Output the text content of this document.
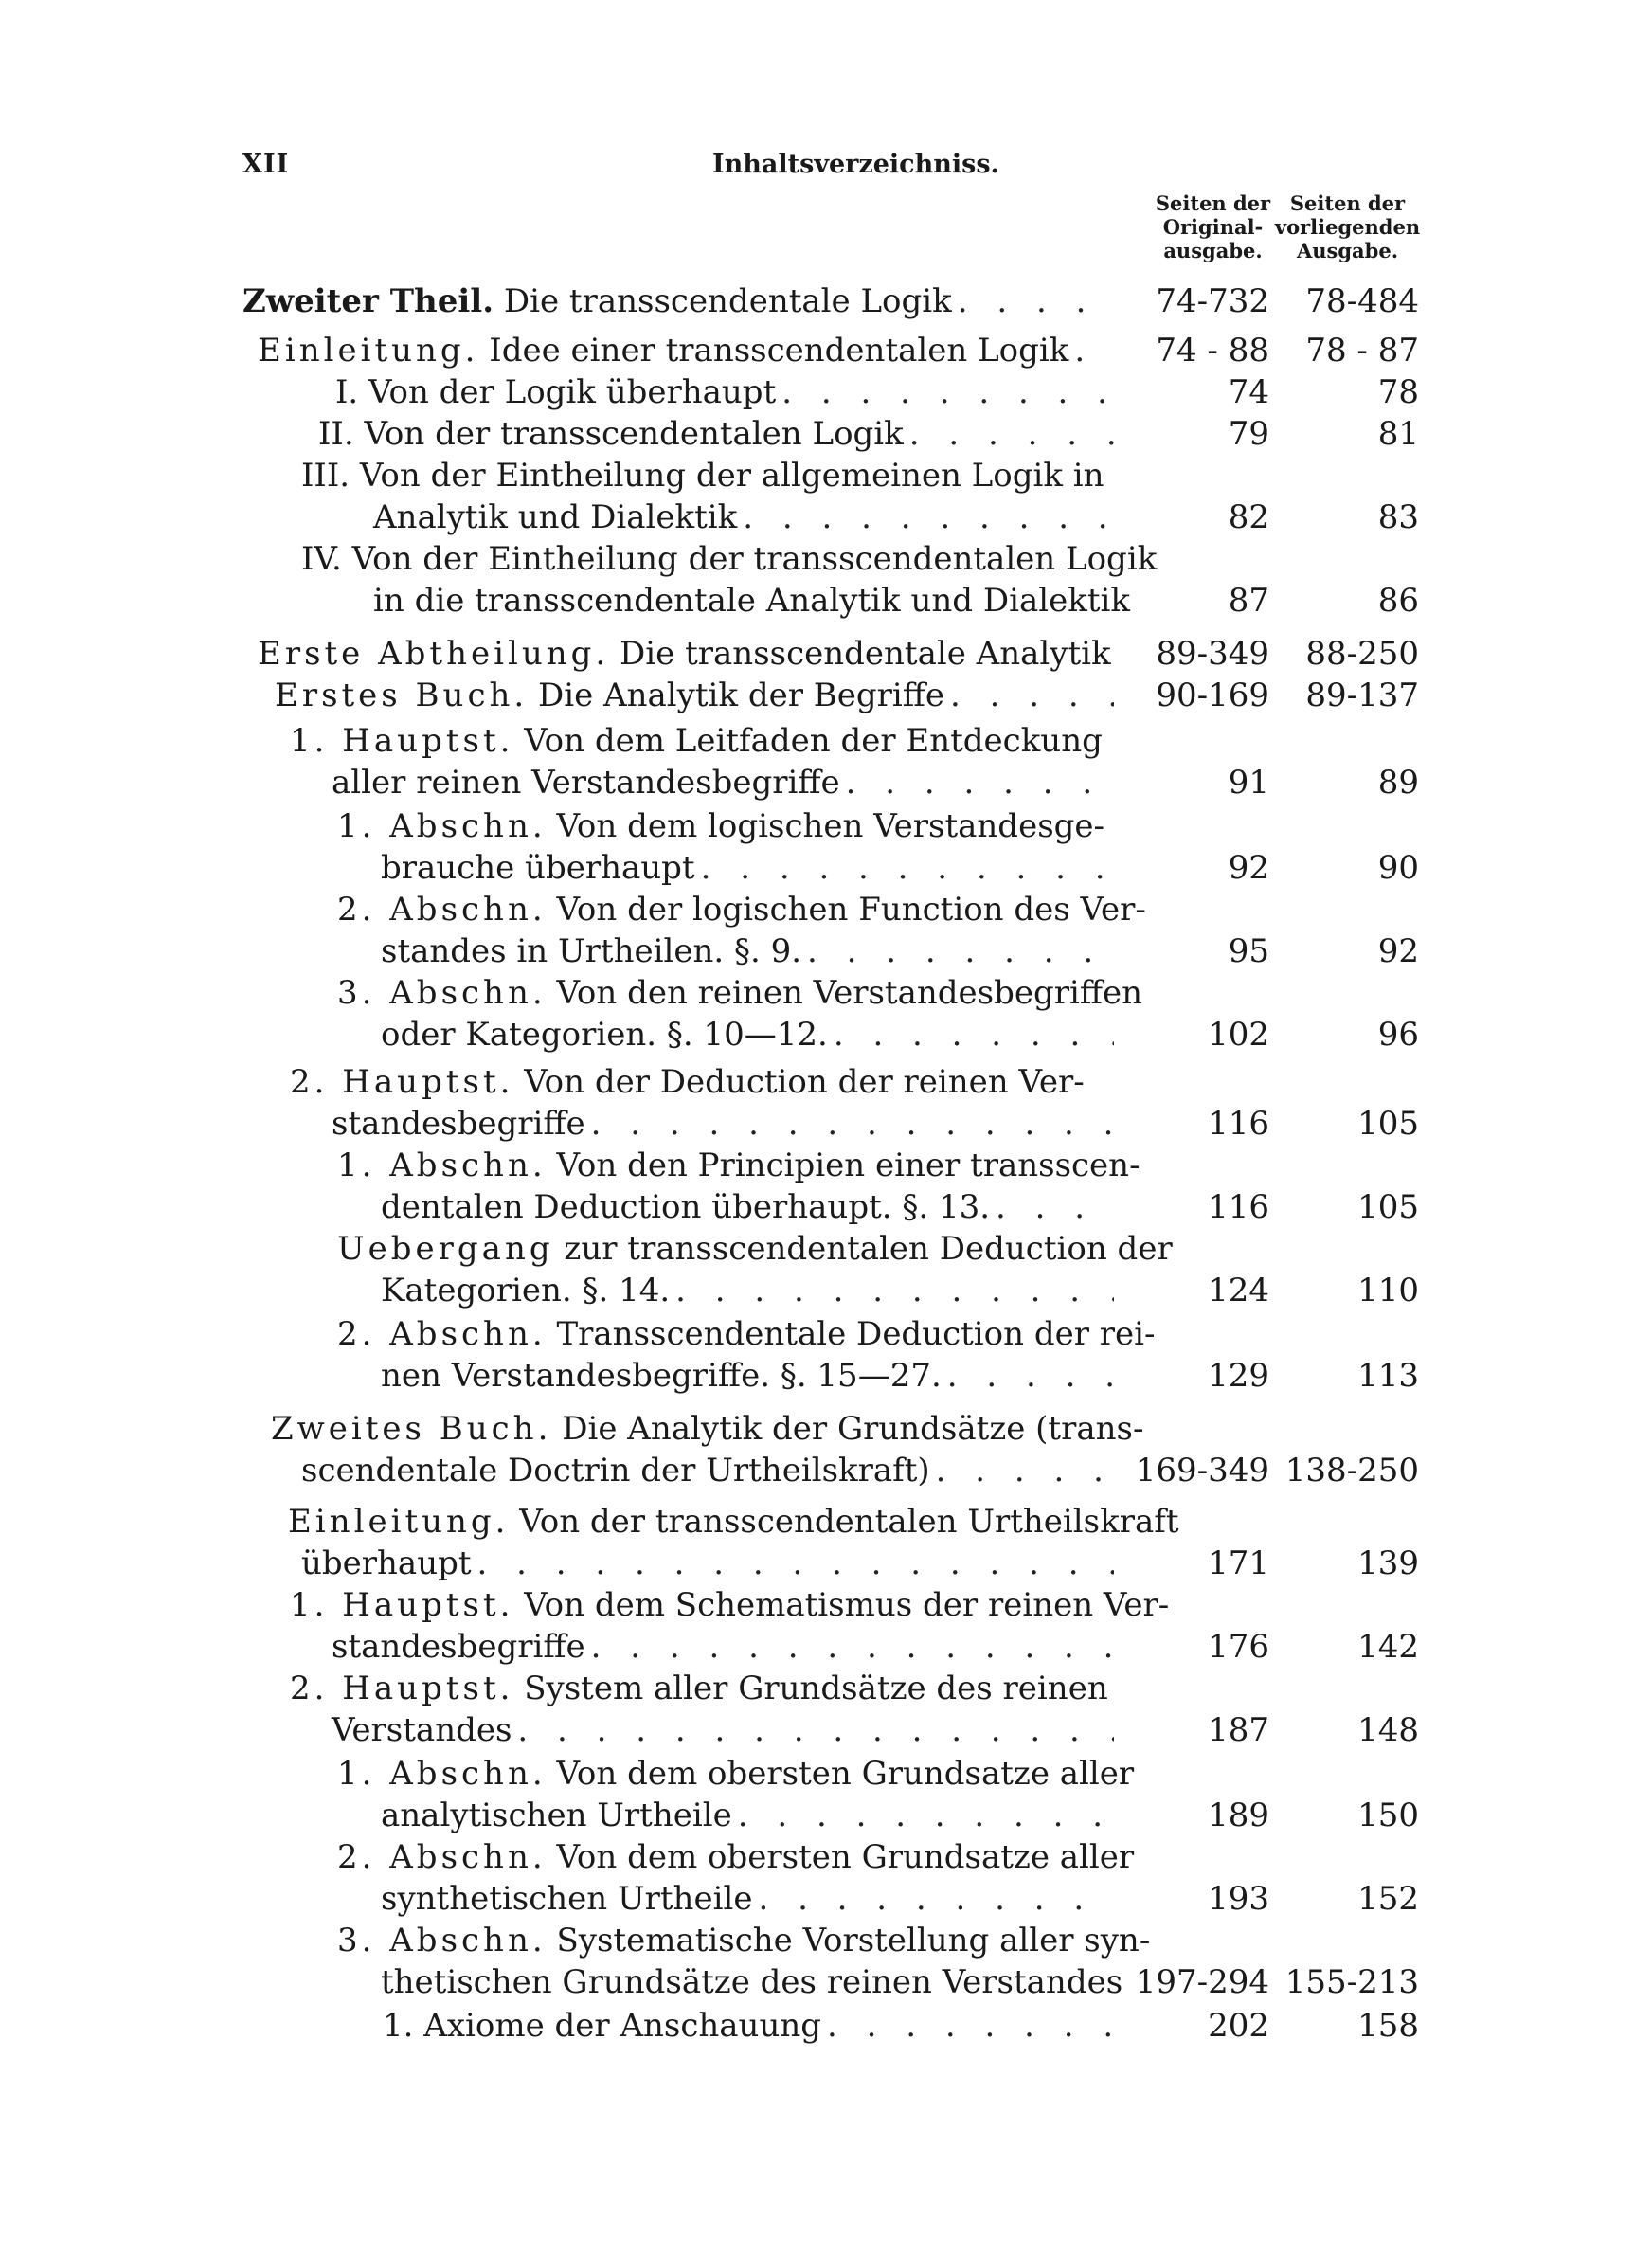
XII	Inhaltsverzeichniss.
Seiten der
Original-
ausgabe.
Seiten der
vorliegenden
Ausgabe.
Zweiter Theil. Die transscendentale Logik . . .	74-732	78-484
Einleitung. Idee einer transscendentalen Logik . . .	74 - 88	78 - 87
I. Von der Logik überhaupt . . .	74	78
II. Von der transscendentalen Logik . . .	79	81
III. Von der Eintheilung der allgemeinen Logik in
Analytik und Dialektik . . .	82	83
IV. Von der Eintheilung der transscendentalen Logik
in die transscendentale Analytik und Dialektik	87	86
Erste Abtheilung. Die transscendentale Analytik . . .	89-349	88-250
Erstes Buch. Die Analytik der Begriffe . . .	90-169	89-137
1. Hauptst. Von dem Leitfaden der Entdeckung
aller reinen Verstandesbegriffe . . .	91	89
1. Abschn. Von dem logischen Verstandesge-
brauche überhaupt . . .	92	90
2. Abschn. Von der logischen Function des Ver-
standes in Urtheilen. §. 9. . . .	95	92
3. Abschn. Von den reinen Verstandesbegriffen
oder Kategorien. §. 10—12. . . .	102	96
2. Hauptst. Von der Deduction der reinen Ver-
standesbegriffe . . .	116	105
1. Abschn. Von den Principien einer transscen-
dentalen Deduction überhaupt. §. 13. . . .	116	105
Uebergang zur transscendentalen Deduction der
Kategorien. §. 14. . . .	124	110
2. Abschn. Transscendentale Deduction der rei-
nen Verstandesbegriffe. §. 15—27. . . .	129	113
Zweites Buch. Die Analytik der Grundsätze (trans-
scendentale Doctrin der Urtheilskraft) . . .	169-349 138-250
Einleitung. Von der transscendentalen Urtheilskraft
überhaupt . . .	171	139
1. Hauptst. Von dem Schematismus der reinen Ver-
standesbegriffe . . .	176	142
2. Hauptst. System aller Grundsätze des reinen
Verstandes . . .	187	148
1. Abschn. Von dem obersten Grundsatze aller
analytischen Urtheile . . .	189	150
2. Abschn. Von dem obersten Grundsatze aller
synthetischen Urtheile . . .	193	152
3. Abschn. Systematische Vorstellung aller syn-
thetischen Grundsätze des reinen Verstandes . . . 197-294 155-213
1. Axiome der Anschauung . . .	202	158
